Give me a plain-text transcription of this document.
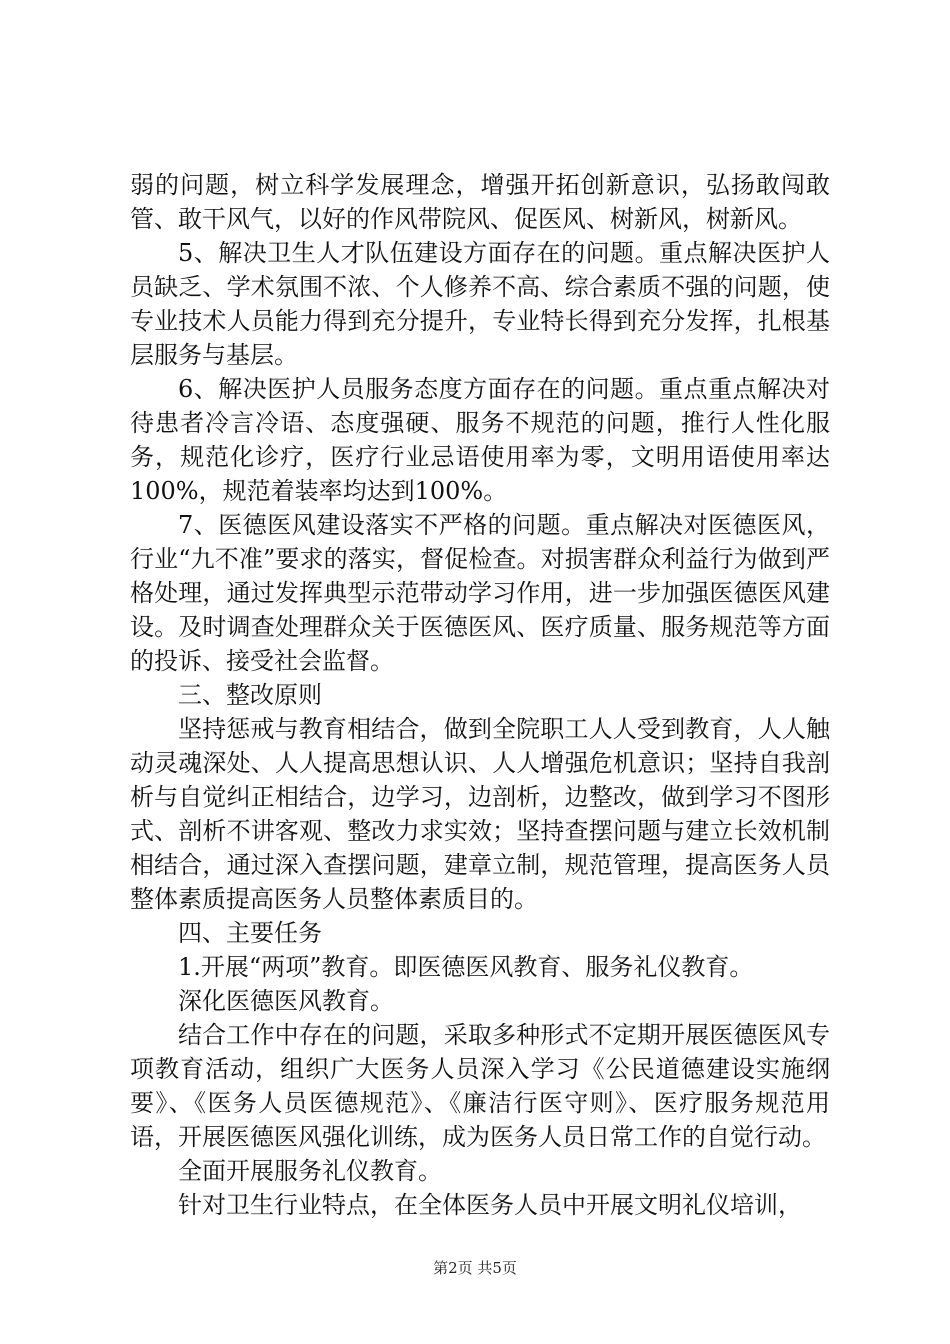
弱的问题，树立科学发展理念，增强开拓创新意识，弘扬敢闯敢管、敢干风气，以好的作风带院风、促医风、树新风，树新风。

5、解决卫生人才队伍建设方面存在的问题。重点解决医护人员缺乏、学术氛围不浓、个人修养不高、综合素质不强的问题，使专业技术人员能力得到充分提升，专业特长得到充分发挥，扎根基层服务与基层。

6、解决医护人员服务态度方面存在的问题。重点重点解决对待患者冷言冷语、态度强硬、服务不规范的问题，推行人性化服务，规范化诊疗，医疗行业忌语使用率为零，文明用语使用率达100%，规范着装率均达到100%。

7、医德医风建设落实不严格的问题。重点解决对医德医风，行业“九不准”要求的落实，督促检查。对损害群众利益行为做到严格处理，通过发挥典型示范带动学习作用，进一步加强医德医风建设。及时调查处理群众关于医德医风、医疗质量、服务规范等方面的投诉、接受社会监督。

三、整改原则

坚持惩戒与教育相结合，做到全院职工人人受到教育，人人触动灵魂深处、人人提高思想认识、人人增强危机意识；坚持自我剖析与自觉纠正相结合，边学习，边剖析，边整改，做到学习不图形式、剖析不讲客观、整改力求实效；坚持查摆问题与建立长效机制相结合，通过深入查摆问题，建章立制，规范管理，提高医务人员整体素质提高医务人员整体素质目的。

四、主要任务

1.开展“两项”教育。即医德医风教育、服务礼仪教育。

深化医德医风教育。

结合工作中存在的问题，采取多种形式不定期开展医德医风专项教育活动，组织广大医务人员深入学习《公民道德建设实施纲要》、《医务人员医德规范》、《廉洁行医守则》、医疗服务规范用语，开展医德医风强化训练，成为医务人员日常工作的自觉行动。

全面开展服务礼仪教育。

针对卫生行业特点，在全体医务人员中开展文明礼仪培训，

第2页 共5页
